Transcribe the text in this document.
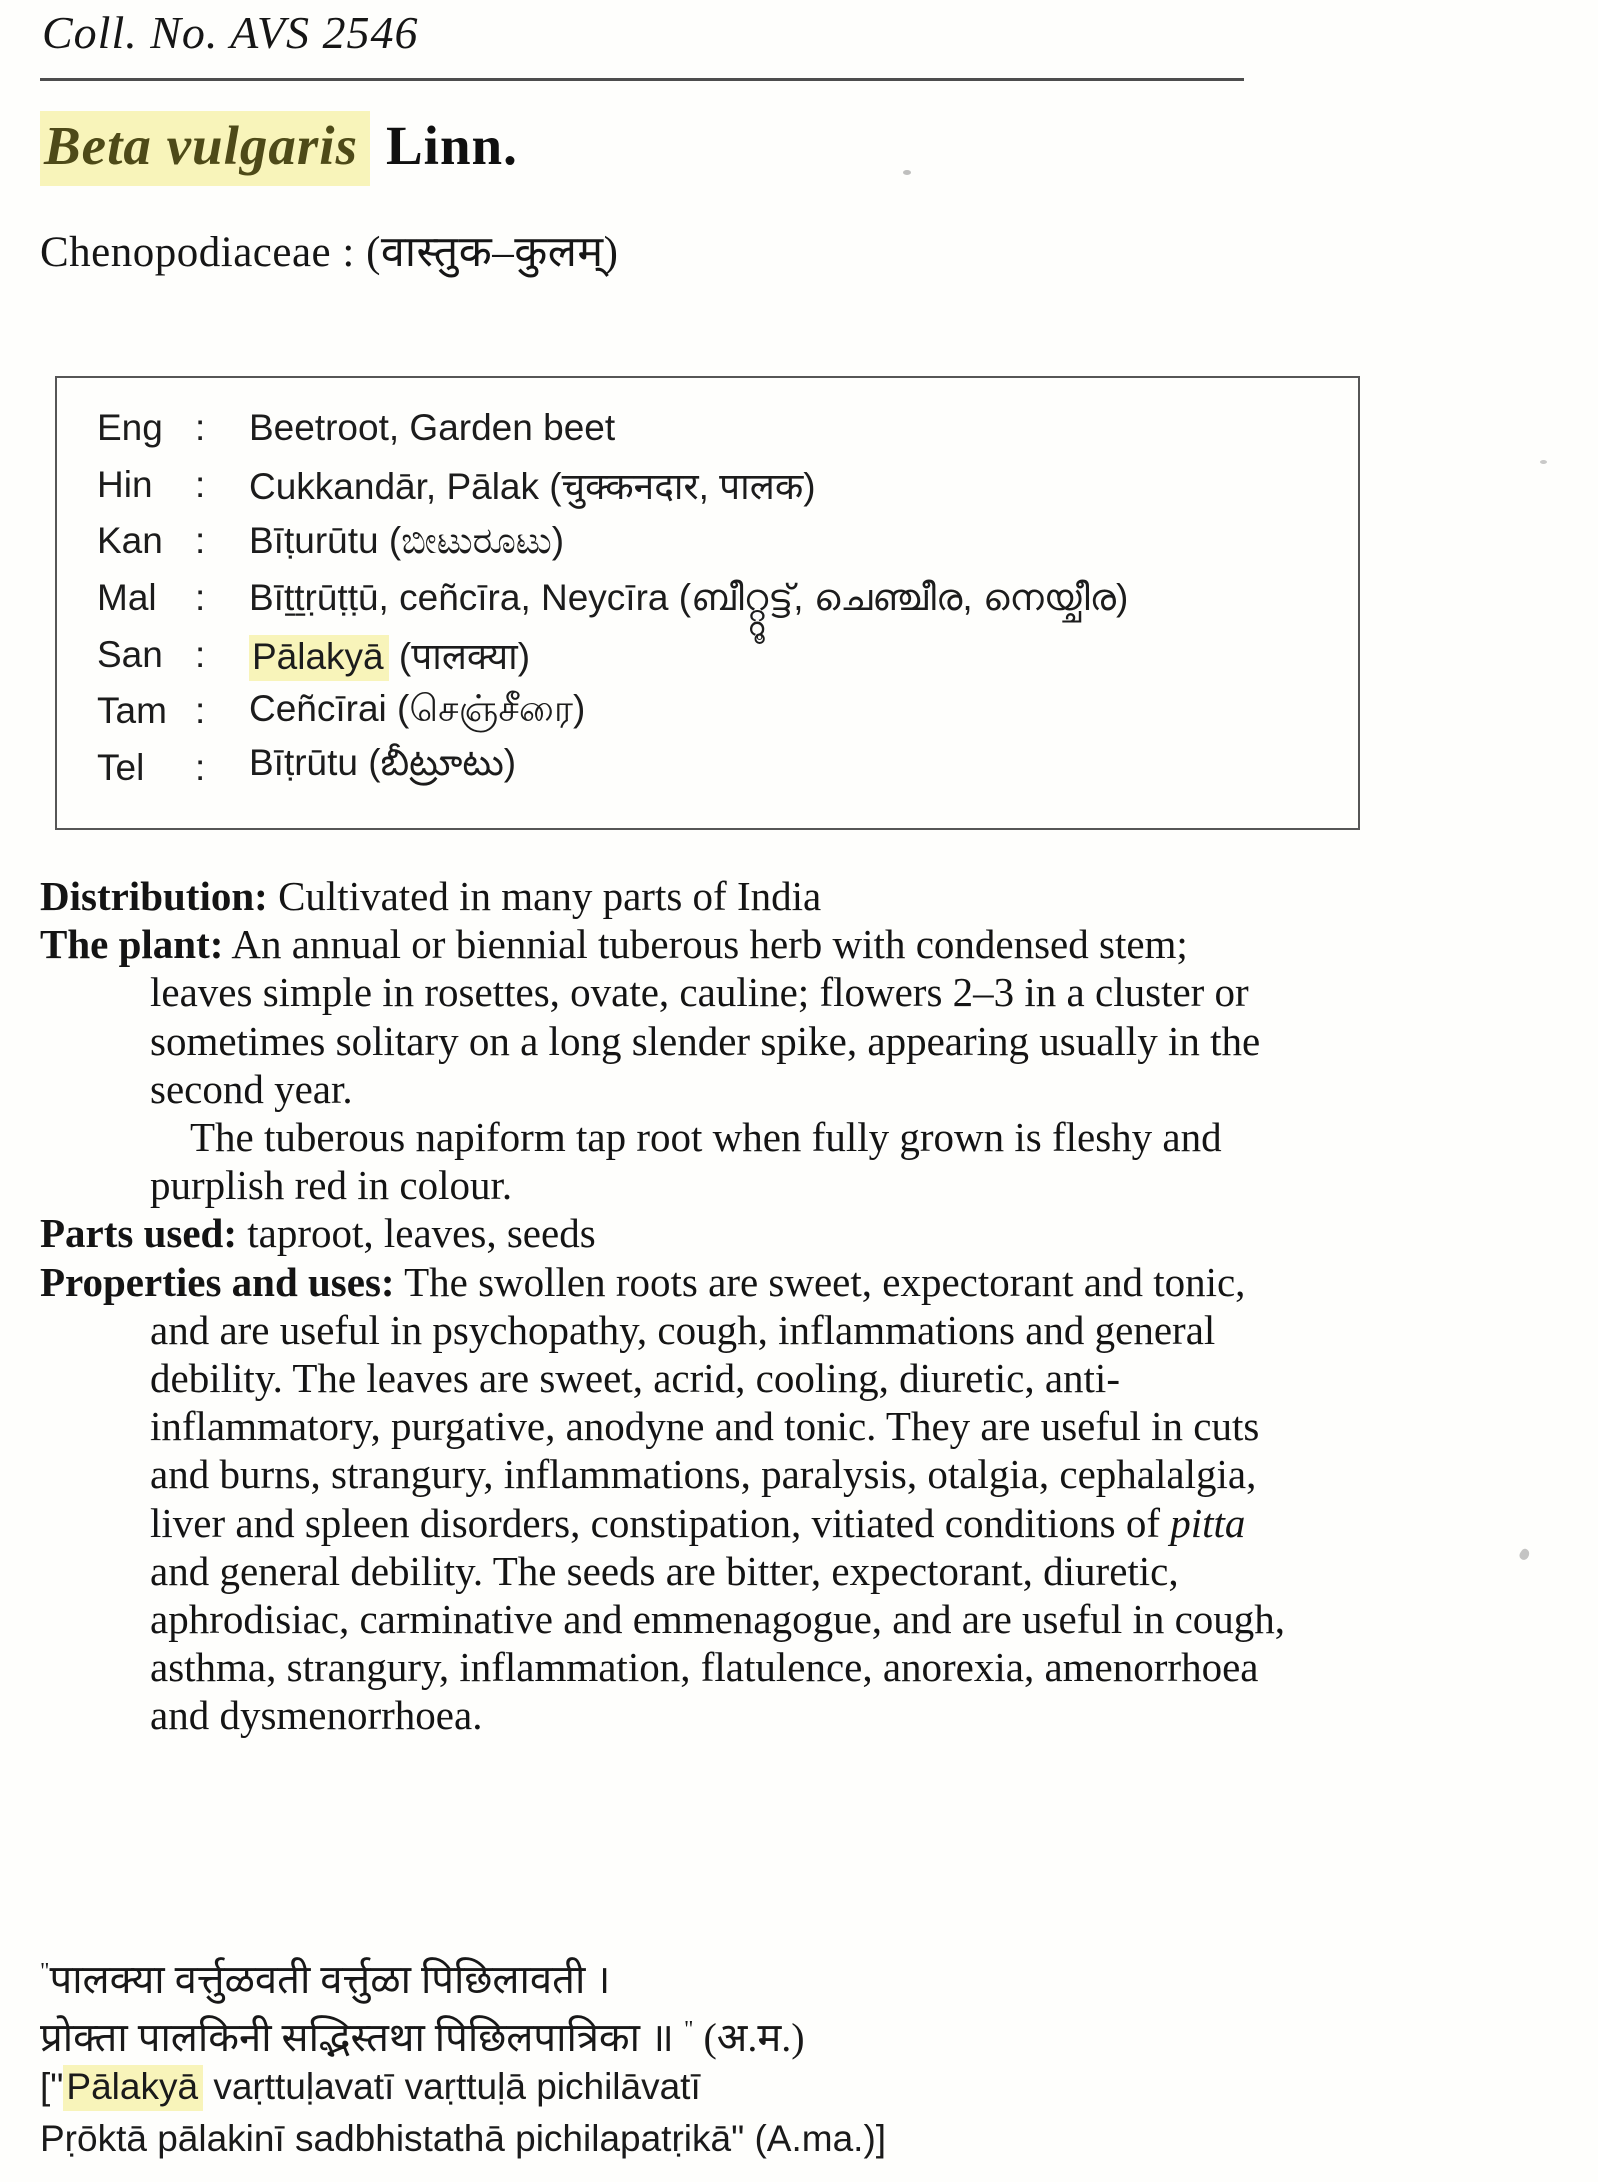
Coll. No. AVS 2546
Beta vulgaris Linn.
Chenopodiaceae : (वास्तुक–कुलम्)
Eng :	Beetroot, Garden beet
Hin	:	Cukkandār, Pālak (चुक्कनदार, पालक)
Kan :	Bīṭurūtu (ಬೀಟುರೂಟು)
Mal	:	Bīṯṯṛūṭṭū, ceñcīra, Neycīra (ബീറ്റ്റൂട്ട്, ചെഞ്ചീര, നെയ്ചീര)
San :	Pālakyā (पालक्या)
Tam :	Ceñcīrai (செஞ்சீரை)
Tel	:	Bīṭrūtu (బీట్రూటు)
Distribution: Cultivated in many parts of India
The plant: An annual or biennial tuberous herb with condensed stem;
leaves simple in rosettes, ovate, cauline; flowers 2–3 in a cluster or
sometimes solitary on a long slender spike, appearing usually in the
second year.
The tuberous napiform tap root when fully grown is fleshy and
purplish red in colour.
Parts used: taproot, leaves, seeds
Properties and uses: The swollen roots are sweet, expectorant and tonic,
and are useful in psychopathy, cough, inflammations and general
debility. The leaves are sweet, acrid, cooling, diuretic, anti-
inflammatory, purgative, anodyne and tonic. They are useful in cuts
and burns, strangury, inflammations, paralysis, otalgia, cephalalgia,
liver and spleen disorders, constipation, vitiated conditions of pitta
and general debility. The seeds are bitter, expectorant, diuretic,
aphrodisiac, carminative and emmenagogue, and are useful in cough,
asthma, strangury, inflammation, flatulence, anorexia, amenorrhoea
and dysmenorrhoea.
"पालक्या वर्त्तुळवती वर्त्तुळा पिछिलावती ।
प्रोक्ता पालकिनी सद्भिस्तथा पिछिलपात्रिका ॥ " (अ.म.)
["Pālakyā vaṛttuḷavatī vaṛttuḷā pichilāvatī
Pṛōktā pālakinī sadbhistathā pichilapatṛikā" (A.ma.)]
